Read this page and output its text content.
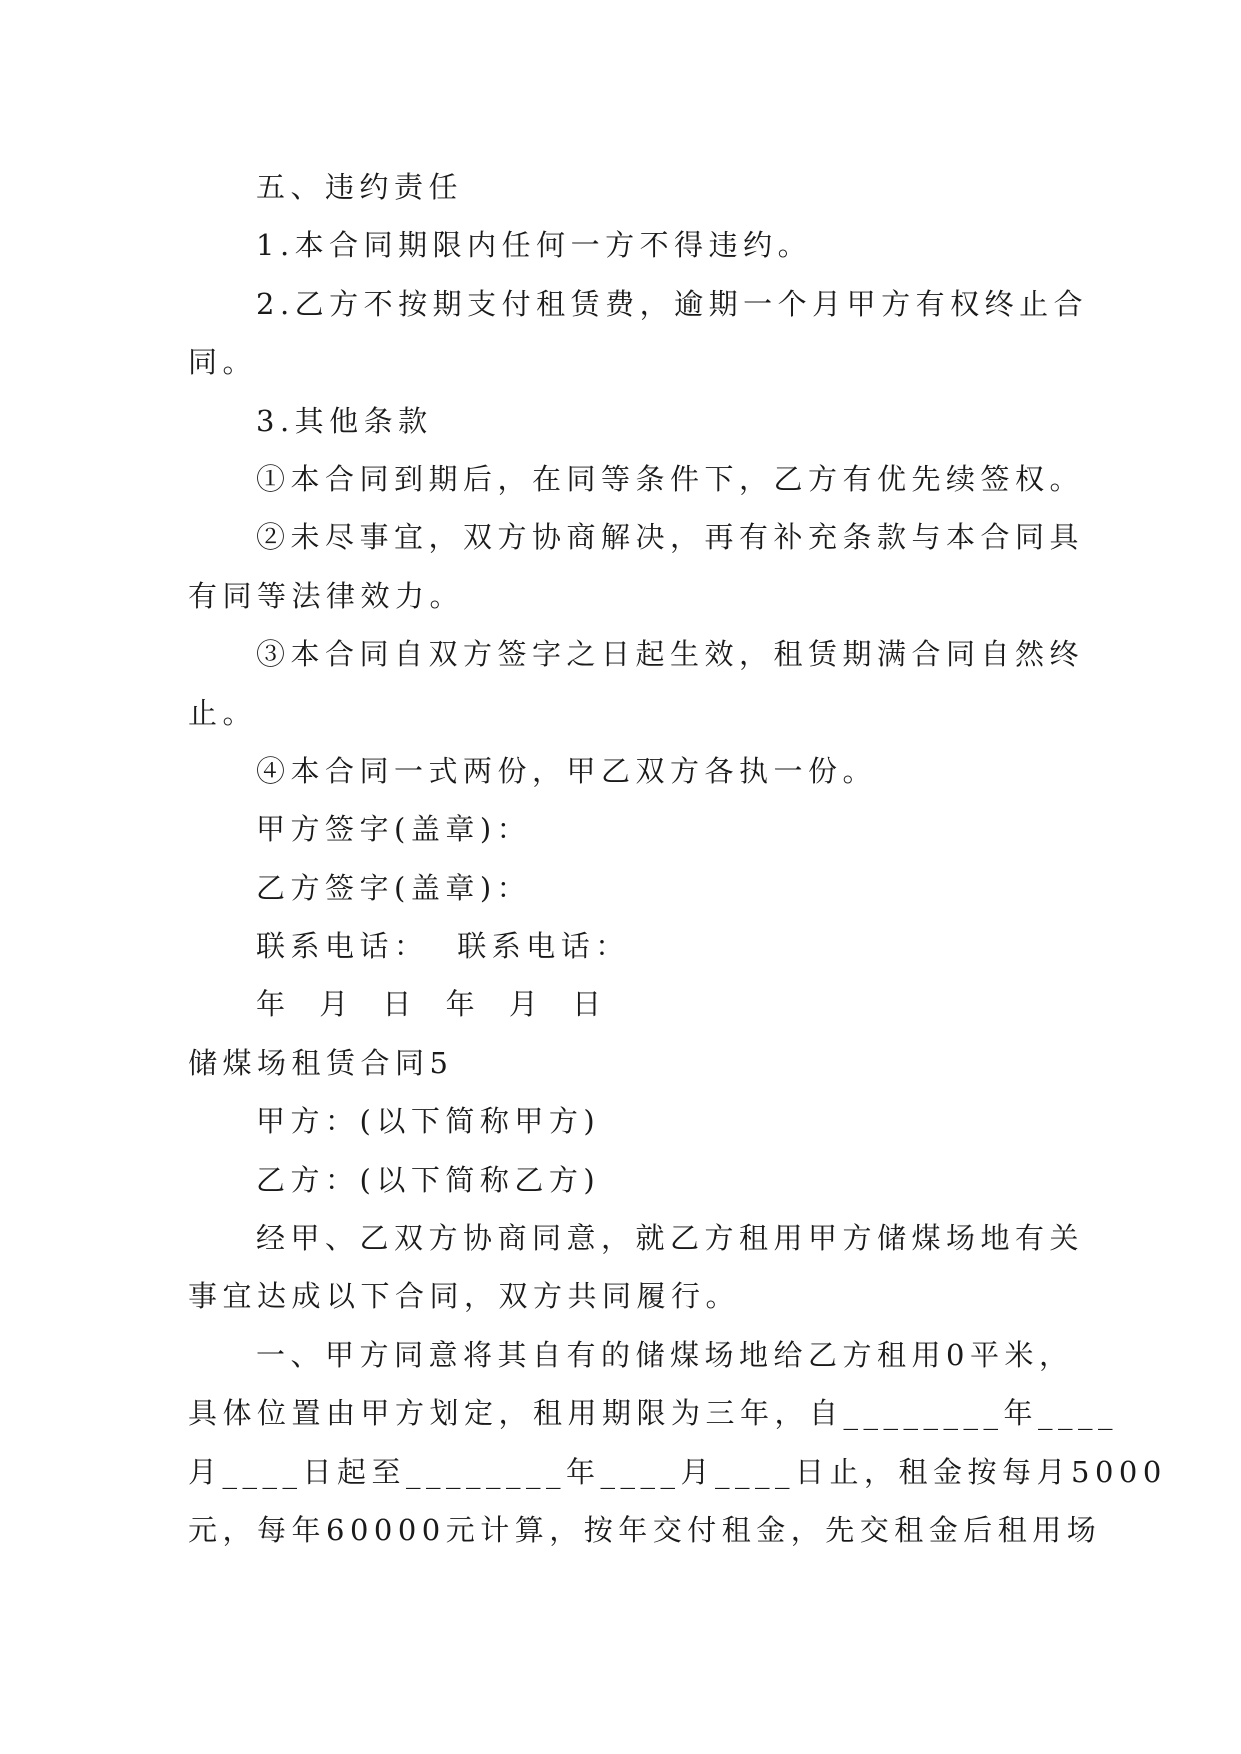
五、违约责任
1.本合同期限内任何一方不得违约。
2.乙方不按期支付租赁费，逾期一个月甲方有权终止合
同。
3.其他条款
①本合同到期后，在同等条件下，乙方有优先续签权。
②未尽事宜，双方协商解决，再有补充条款与本合同具
有同等法律效力。
③本合同自双方签字之日起生效，租赁期满合同自然终
止。
④本合同一式两份，甲乙双方各执一份。
甲方签字(盖章)：
乙方签字(盖章)：
联系电话： 联系电话：
年 月 日 年 月 日
储煤场租赁合同5
甲方：(以下简称甲方)
乙方：(以下简称乙方)
经甲、乙双方协商同意，就乙方租用甲方储煤场地有关
事宜达成以下合同，双方共同履行。
一、甲方同意将其自有的储煤场地给乙方租用0平米，
具体位置由甲方划定，租用期限为三年，自________年____
月____日起至________年____月____日止，租金按每月5000
元，每年60000元计算，按年交付租金，先交租金后租用场
